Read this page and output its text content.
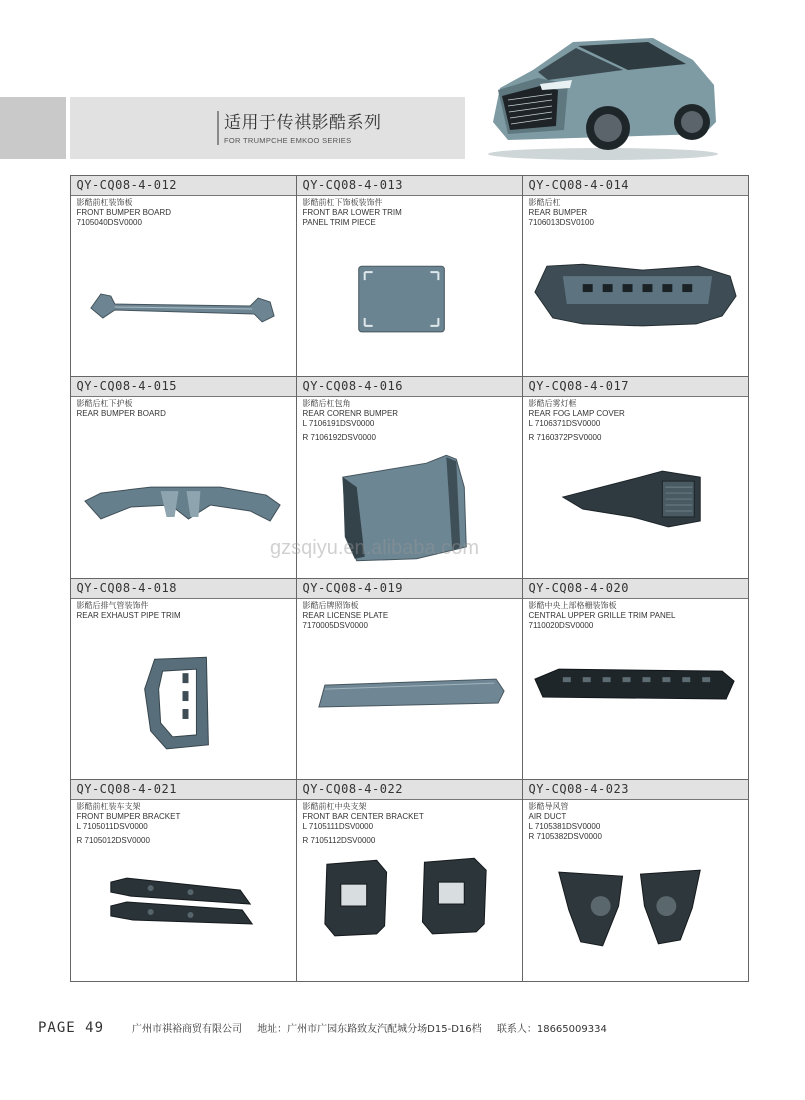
适用于传祺影酷系列
FOR TRUMPCHE EMKOO SERIES
QY-CQ08-4-012
影酷前杠装饰板
FRONT BUMPER BOARD
7105040DSV0000
QY-CQ08-4-013
影酷前杠下饰板装饰件
FRONT BAR LOWER TRIM
PANEL TRIM PIECE
QY-CQ08-4-014
影酷后杠
REAR BUMPER
7106013DSV0100
QY-CQ08-4-015
影酷后杠下护板
REAR BUMPER BOARD
QY-CQ08-4-016
影酷后杠包角
REAR CORENR BUMPER
L 7106191DSV0000
R 7106192DSV0000
QY-CQ08-4-017
影酷后雾灯框
REAR FOG LAMP COVER
L 7106371DSV0000
R 7160372PSV0000
QY-CQ08-4-018
影酷后排气管装饰件
REAR EXHAUST PIPE TRIM
QY-CQ08-4-019
影酷后牌照饰板
REAR LICENSE PLATE
7170005DSV0000
QY-CQ08-4-020
影酷中央上部格栅装饰板
CENTRAL UPPER GRILLE TRIM PANEL
7110020DSV0000
QY-CQ08-4-021
影酷前杠装车支架
FRONT BUMPER BRACKET
L 7105011DSV0000
R 7105012DSV0000
QY-CQ08-4-022
影酷前杠中央支架
FRONT BAR CENTER BRACKET
L 7105111DSV0000
R 7105112DSV0000
QY-CQ08-4-023
影酷导风管
AIR DUCT
L 7105381DSV0000
R 7105382DSV0000
gzsqiyu.en.alibaba.com
PAGE 49	广州市祺裕商贸有限公司 地址：广州市广园东路致友汽配城分场D15-D16档 联系人：18665009334
